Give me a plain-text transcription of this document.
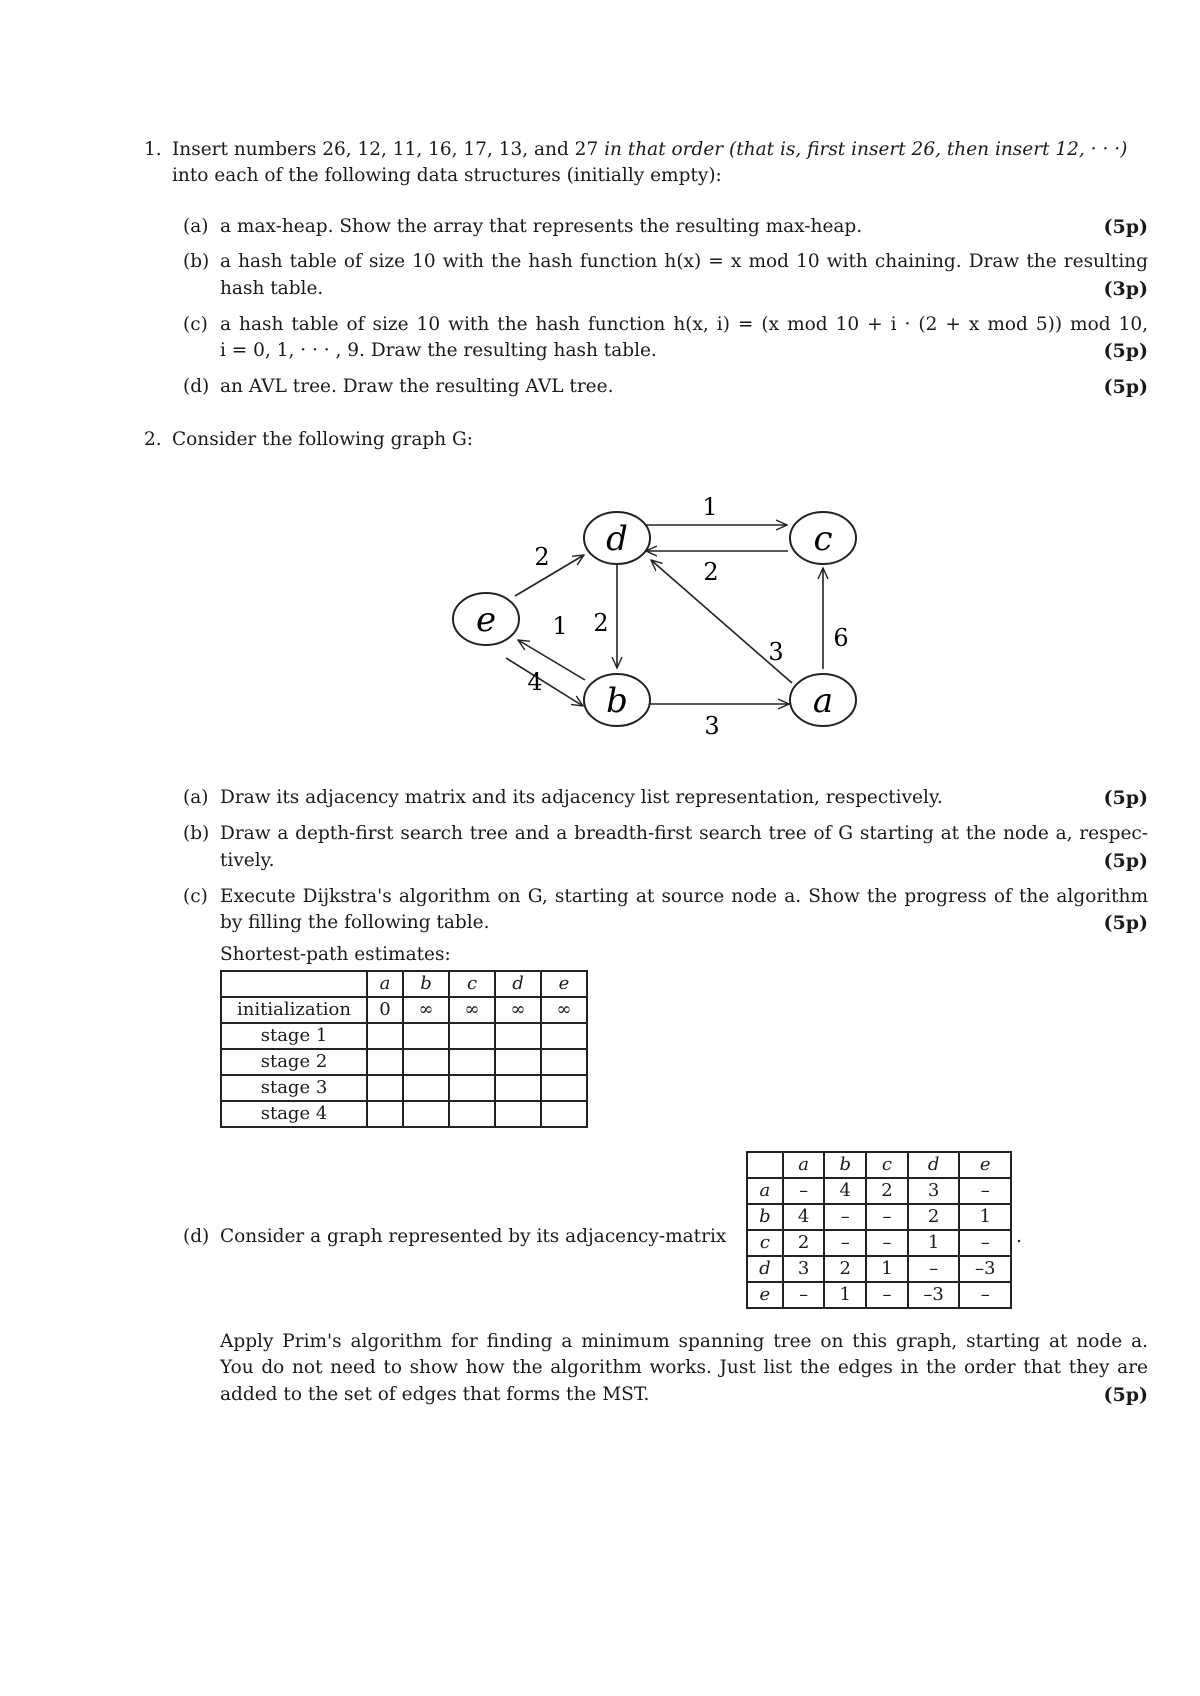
1. Insert numbers 26, 12, 11, 16, 17, 13, and 27 in that order (that is, first insert 26, then insert 12, · · ·)
into each of the following data structures (initially empty):
(a) a max-heap. Show the array that represents the resulting max-heap.	(5p)
(b) a hash table of size 10 with the hash function h(x) = x mod 10 with chaining. Draw the resulting
hash table.	(3p)
(c) a hash table of size 10 with the hash function h(x, i) = (x mod 10 + i · (2 + x mod 5)) mod 10,
i = 0, 1, · · · , 9. Draw the resulting hash table.	(5p)
(d) an AVL tree. Draw the resulting AVL tree.	(5p)
2. Consider the following graph G:
d	c
e
b	a
1
2
2
2
1
4
3 6
3
(a) Draw its adjacency matrix and its adjacency list representation, respectively.	(5p)
(b) Draw a depth-first search tree and a breadth-first search tree of G starting at the node a, respec-
tively.	(5p)
(c) Execute Dijkstra's algorithm on G, starting at source node a. Show the progress of the algorithm
by filling the following table.	(5p)
Shortest-path estimates:
	a	b	c	d	e
initialization	0	∞	∞	∞	∞
stage 1					
stage 2					
stage 3					
stage 4					
(d) Consider a graph represented by its adjacency-matrix
	a	b	c	d	e
a	–	4	2	3	–
b	4	–	–	2	1
c	2	–	–	1	–
d	3	2	1	–	–3
e	–	1	–	–3	–
.
Apply Prim's algorithm for finding a minimum spanning tree on this graph, starting at node a.
You do not need to show how the algorithm works. Just list the edges in the order that they are
added to the set of edges that forms the MST.	(5p)
